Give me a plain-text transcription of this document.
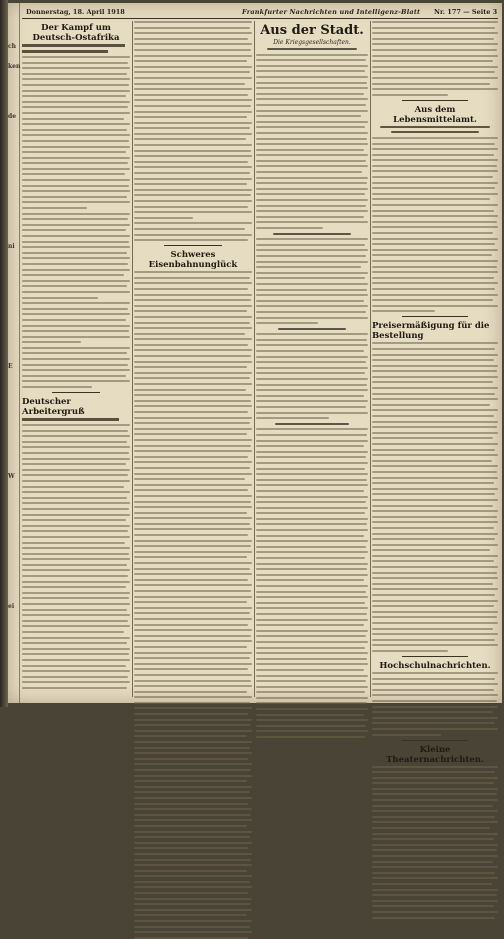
ch
ken
de
ni
E
W
ei
Donnerstag, 18. April 1918	Frankfurter Nachrichten und Intelligenz-Blatt Nr. 177 — Seite 3
Der Kampf um Deutsch-Ostafrika
Deutscher Arbeitergruß
Schweres Eisenbahnunglück
Aus der Stadt.
Die Kriegsgesellschaften.
Aus dem Lebensmittelamt.
Preisermäßigung für die Bestellung
Hochschulnachrichten.
Kleine Theaternachrichten.
